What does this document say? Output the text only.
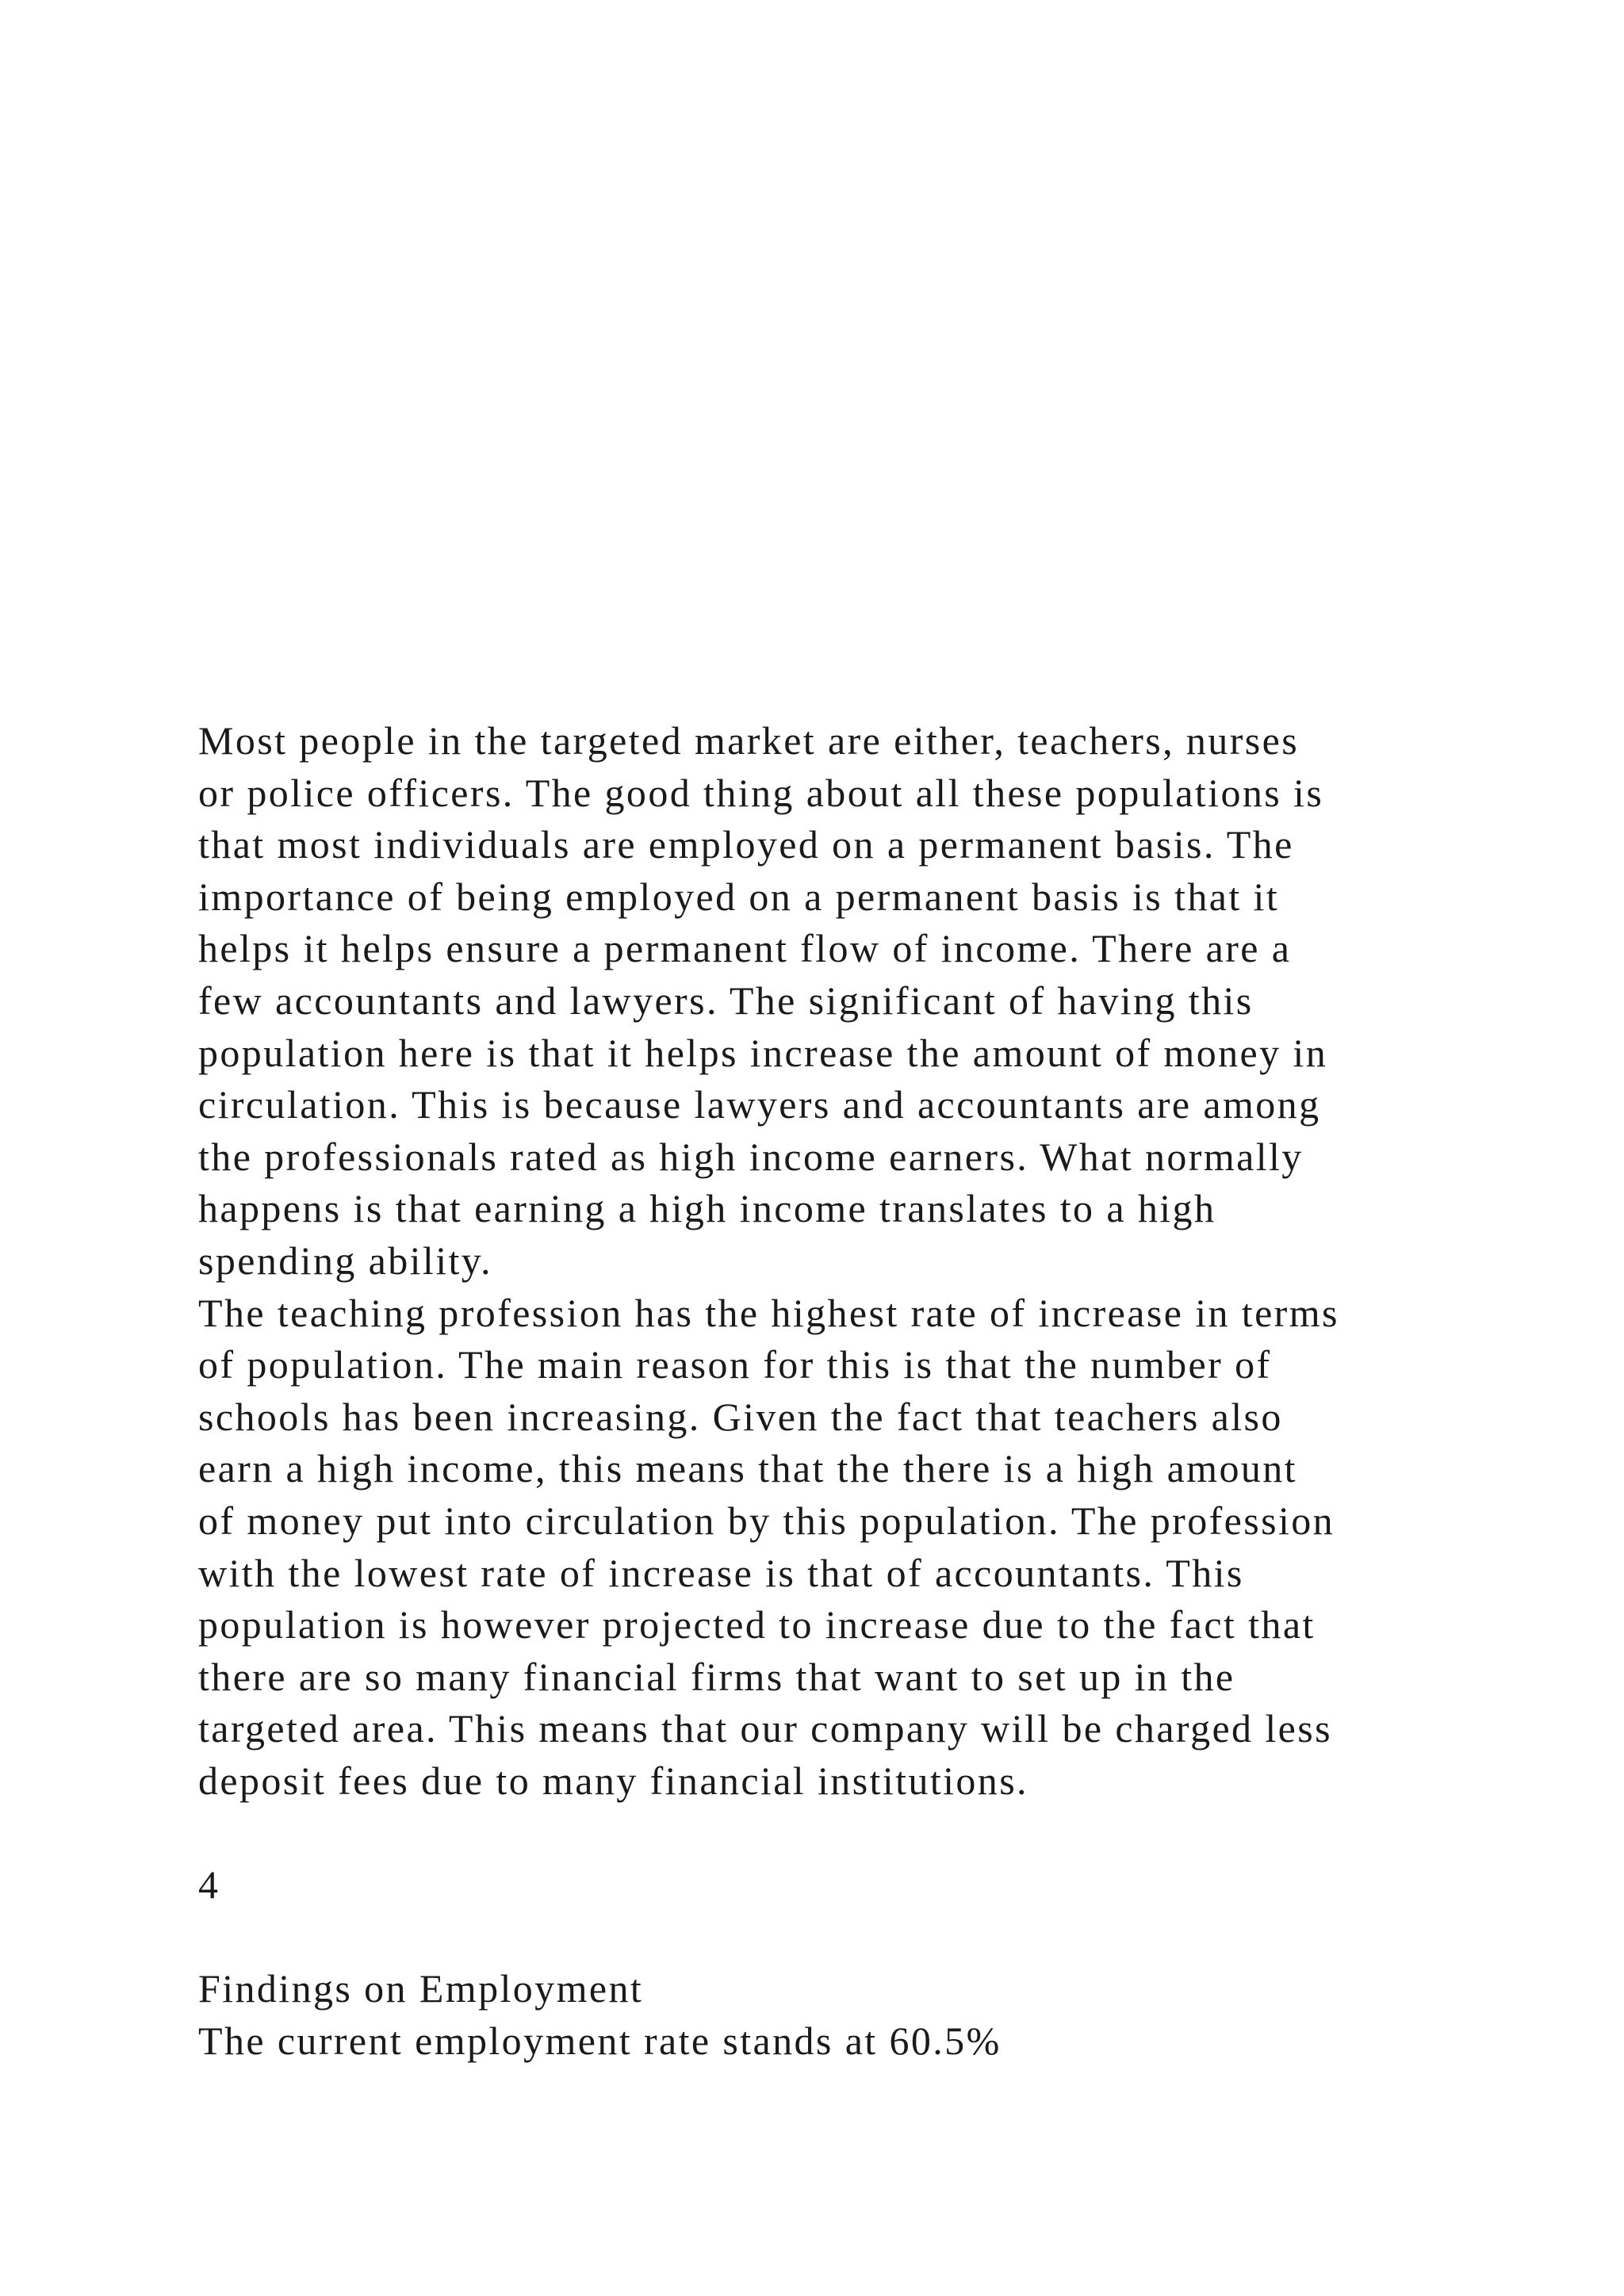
Most people in the targeted market are either, teachers, nurses
or police officers. The good thing about all these populations is
that most individuals are employed on a permanent basis. The
importance of being employed on a permanent basis is that it
helps it helps ensure a permanent flow of income. There are a
few accountants and lawyers. The significant of having this
population here is that it helps increase the amount of money in
circulation. This is because lawyers and accountants are among
the professionals rated as high income earners. What normally
happens is that earning a high income translates to a high
spending ability.
The teaching profession has the highest rate of increase in terms
of population. The main reason for this is that the number of
schools has been increasing. Given the fact that teachers also
earn a high income, this means that the there is a high amount
of money put into circulation by this population. The profession
with the lowest rate of increase is that of accountants. This
population is however projected to increase due to the fact that
there are so many financial firms that want to set up in the
targeted area. This means that our company will be charged less
deposit fees due to many financial institutions.
4
Findings on Employment
The current employment rate stands at 60.5%
